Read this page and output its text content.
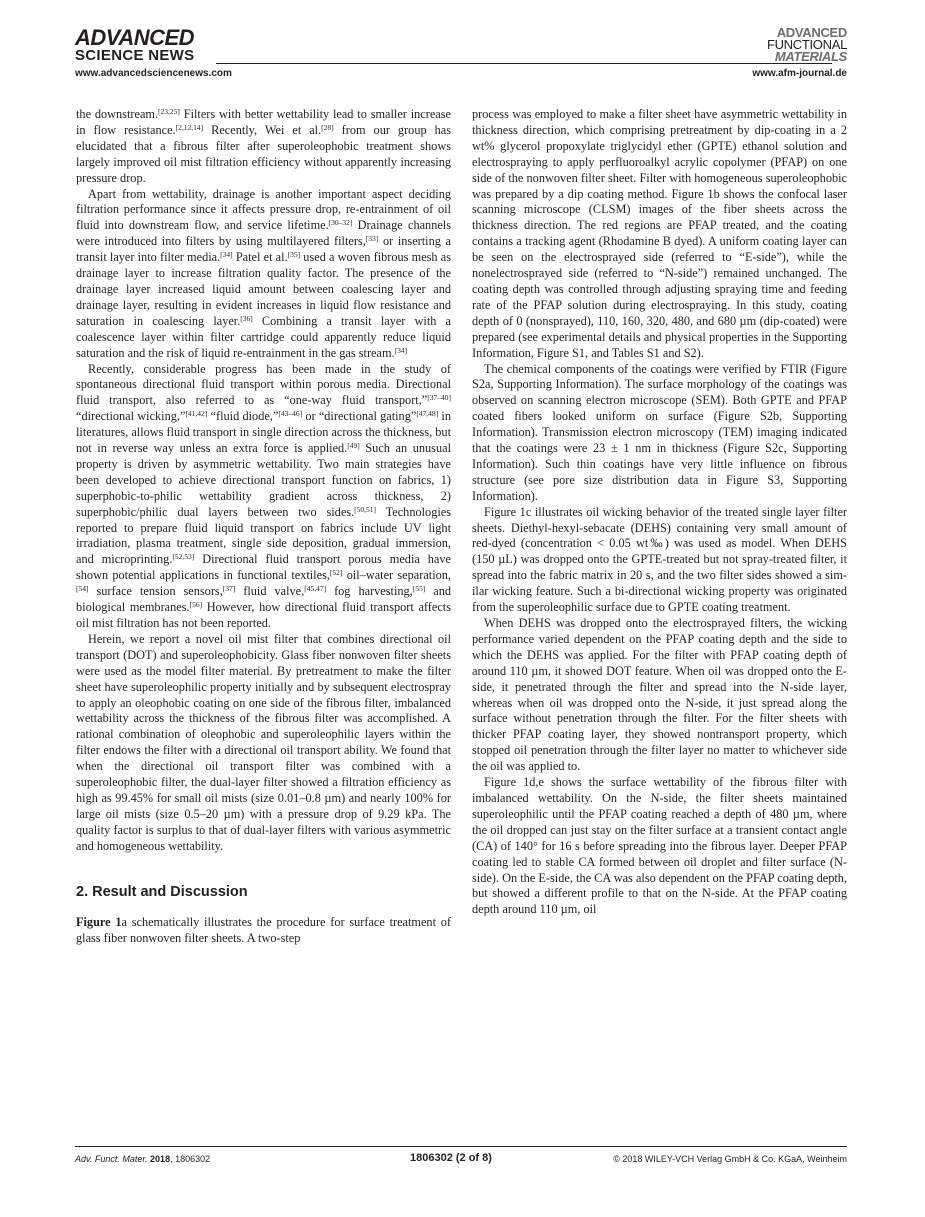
ADVANCED
SCIENCE NEWS
ADVANCED
FUNCTIONAL
MATERIALS
www.advancedsciencenews.com	www.afm-journal.de

the downstream.[23,25] Filters with better wettability lead to smaller increase in flow resistance.[2,12,14] Recently, Wei et al.[28] from our group has elucidated that a fibrous filter after superoleophobic treatment shows largely improved oil mist filtration efficiency without apparently increasing pressure drop.

Apart from wettability, drainage is another important aspect deciding filtration performance since it affects pressure drop, re-entrainment of oil fluid into downstream flow, and service lifetime.[30–32] Drainage channels were introduced into filters by using multilayered filters,[33] or inserting a transit layer into filter media.[34] Patel et al.[35] used a woven fibrous mesh as drainage layer to increase filtration quality factor. The presence of the drainage layer increased liquid amount between coalescing layer and drainage layer, resulting in evident increases in liquid flow resistance and saturation in coalescing layer.[36] Combining a transit layer with a coalescence layer within filter cartridge could apparently reduce liquid saturation and the risk of liquid re-entrainment in the gas stream.[34]

Recently, considerable progress has been made in the study of spontaneous directional fluid transport within porous media. Directional fluid transport, also referred to as “one-way fluid transport,”[37–40] “directional wicking,”[41,42] “fluid diode,”[43–46] or “directional gating”[47,48] in literatures, allows fluid transport in single direction across the thickness, but not in reverse way unless an extra force is applied.[49] Such an unusual property is driven by asymmetric wettability. Two main strategies have been developed to achieve directional transport function on fabrics, 1) superphobic-to-philic wettability gradient across thickness, 2) superphobic/philic dual layers between two sides.[50,51] Technologies reported to prepare fluid liquid transport on fabrics include UV light irradiation, plasma treatment, single side deposition, gradual immersion, and microprinting.[52,53] Directional fluid transport porous media have shown potential applications in functional textiles,[52] oil–water separation,[54] surface tension sensors,[37] fluid valve,[45,47] fog harvesting,[55] and biological membranes.[56] However, how directional fluid transport affects oil mist filtration has not been reported.

Herein, we report a novel oil mist filter that combines directional oil transport (DOT) and superoleophobicity. Glass fiber nonwoven filter sheets were used as the model filter material. By pretreatment to make the filter sheet have superoleophilic property initially and by subsequent electrospray to apply an oleophobic coating on one side of the fibrous filter, imbalanced wettability across the thickness of the fibrous filter was accomplished. A rational combination of oleophobic and superoleophilic layers within the filter endows the filter with a directional oil transport ability. We found that when the directional oil transport filter was combined with a superoleophobic filter, the dual-layer filter showed a filtration efficiency as high as 99.45% for small oil mists (size 0.01–0.8 µm) and nearly 100% for large oil mists (size 0.5–20 µm) with a pressure drop of 9.29 kPa. The quality factor is surplus to that of dual-layer filters with various asymmetric and homogeneous wettability.

2. Result and Discussion

Figure 1a schematically illustrates the procedure for surface treatment of glass fiber nonwoven filter sheets. A two-step

process was employed to make a filter sheet have asymmetric wettability in thickness direction, which comprising pretreatment by dip-coating in a 2 wt% glycerol propoxylate triglycidyl ether (GPTE) ethanol solution and electrospraying to apply perfluoroalkyl acrylic copolymer (PFAP) on one side of the nonwoven filter sheet. Filter with homogeneous superoleophobic was prepared by a dip coating method. Figure 1b shows the confocal laser scanning microscope (CLSM) images of the fiber sheets across the thickness direction. The red regions are PFAP treated, and the coating contains a tracking agent (Rhodamine B dyed). A uniform coating layer can be seen on the electrosprayed side (referred to “E-side”), while the nonelectrosprayed side (referred to “N-side”) remained unchanged. The coating depth was controlled through adjusting spraying time and feeding rate of the PFAP solution during electrospraying. In this study, coating depth of 0 (nonsprayed), 110, 160, 320, 480, and 680 µm (dip-coated) were prepared (see experimental details and physical properties in the Supporting Information, Figure S1, and Tables S1 and S2).

The chemical components of the coatings were verified by FTIR (Figure S2a, Supporting Information). The surface morphology of the coatings was observed on scanning electron microscope (SEM). Both GPTE and PFAP coated fibers looked uniform on surface (Figure S2b, Supporting Information). Transmission electron microscopy (TEM) imaging indicated that the coatings were 23 ± 1 nm in thickness (Figure S2c, Supporting Information). Such thin coatings have very little influence on fibrous structure (see pore size distribution data in Figure S3, Supporting Information).

Figure 1c illustrates oil wicking behavior of the treated single layer filter sheets. Diethyl-hexyl-sebacate (DEHS) containing very small amount of red-dyed (concentration < 0.05 wt‰) was used as model. When DEHS (150 µL) was dropped onto the GPTE-treated but not spray-treated filter, it spread into the fabric matrix in 20 s, and the two filter sides showed a similar wicking feature. Such a bi-directional wicking property was originated from the superoleophilic surface due to GPTE coating treatment.

When DEHS was dropped onto the electrosprayed filters, the wicking performance varied dependent on the PFAP coating depth and the side to which the DEHS was applied. For the filter with PFAP coating depth of around 110 µm, it showed DOT feature. When oil was dropped onto the E-side, it penetrated through the filter and spread into the N-side layer, whereas when oil was dropped onto the N-side, it just spread along the surface without penetration through the filter. For the filter sheets with thicker PFAP coating layer, they showed nontransport property, which stopped oil penetration through the filter layer no matter to whichever side the oil was applied to.

Figure 1d,e shows the surface wettability of the fibrous filter with imbalanced wettability. On the N-side, the filter sheets maintained superoleophilic until the PFAP coating reached a depth of 480 µm, where the oil dropped can just stay on the filter surface at a transient contact angle (CA) of 140° for 16 s before spreading into the fibrous layer. Deeper PFAP coating led to stable CA formed between oil droplet and filter surface (N-side). On the E-side, the CA was also dependent on the PFAP coating depth, but showed a different profile to that on the N-side. At the PFAP coating depth around 110 µm, oil

Adv. Funct. Mater. 2018, 1806302	1806302 (2 of 8)	© 2018 WILEY-VCH Verlag GmbH & Co. KGaA, Weinheim
